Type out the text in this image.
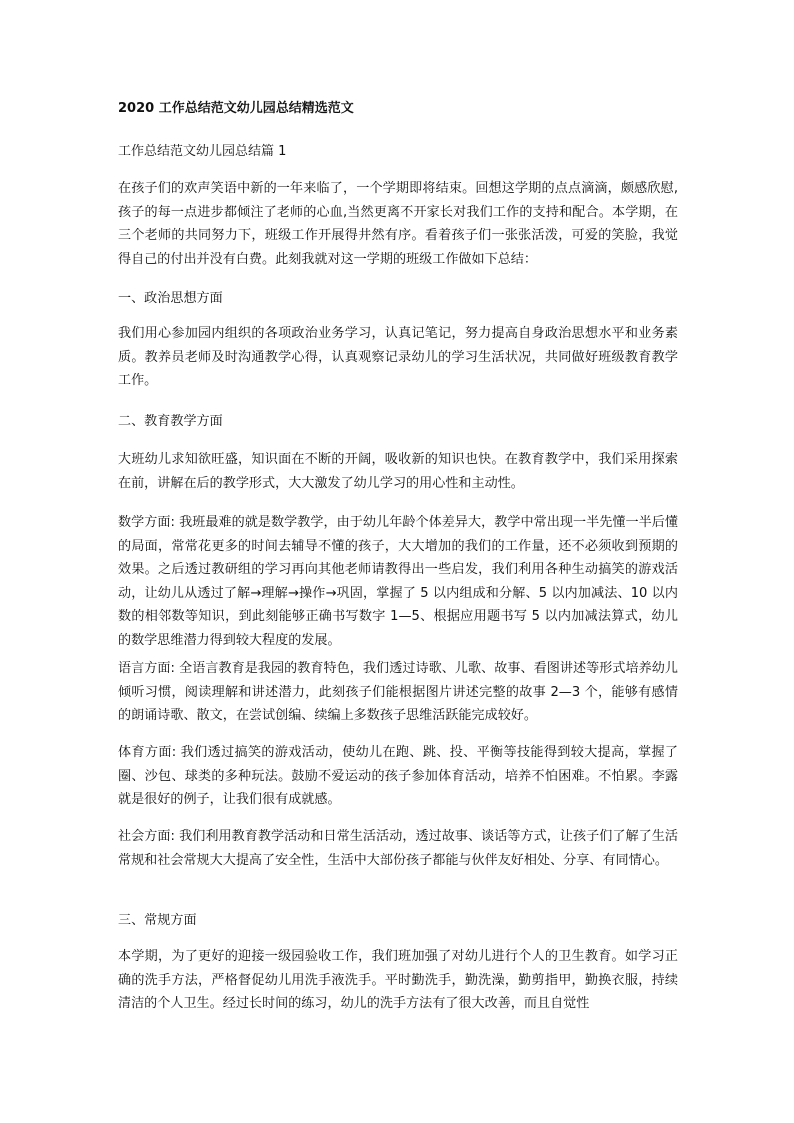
2020 工作总结范文幼儿园总结精选范文
工作总结范文幼儿园总结篇 1

在孩子们的欢声笑语中新的一年来临了，一个学期即将结束。回想这学期的点点滴滴，颇感欣慰,孩子的每一点进步都倾注了老师的心血,当然更离不开家长对我们工作的支持和配合。本学期，在三个老师的共同努力下，班级工作开展得井然有序。看着孩子们一张张活泼，可爱的笑脸，我觉得自己的付出并没有白费。此刻我就对这一学期的班级工作做如下总结：

一、政治思想方面

我们用心参加园内组织的各项政治业务学习，认真记笔记，努力提高自身政治思想水平和业务素质。教养员老师及时沟通教学心得，认真观察记录幼儿的学习生活状况，共同做好班级教育教学工作。

二、教育教学方面

大班幼儿求知欲旺盛，知识面在不断的开阔，吸收新的知识也快。在教育教学中，我们采用探索在前，讲解在后的教学形式，大大激发了幼儿学习的用心性和主动性。

数学方面: 我班最难的就是数学教学，由于幼儿年龄个体差异大，教学中常出现一半先懂一半后懂的局面，常常花更多的时间去辅导不懂的孩子，大大增加的我们的工作量，还不必须收到预期的效果。之后透过教研组的学习再向其他老师请教得出一些启发，我们利用各种生动搞笑的游戏活动，让幼儿从透过了解→理解→操作→巩固，掌握了 5 以内组成和分解、5 以内加减法、10 以内数的相邻数等知识，到此刻能够正确书写数字 1—5、根据应用题书写 5 以内加减法算式，幼儿的数学思维潜力得到较大程度的发展。

语言方面: 全语言教育是我园的教育特色，我们透过诗歌、儿歌、故事、看图讲述等形式培养幼儿倾听习惯，阅读理解和讲述潜力，此刻孩子们能根据图片讲述完整的故事 2—3 个，能够有感情的朗诵诗歌、散文，在尝试创编、续编上多数孩子思维活跃能完成较好。

体育方面: 我们透过搞笑的游戏活动，使幼儿在跑、跳、投、平衡等技能得到较大提高，掌握了圈、沙包、球类的多种玩法。鼓励不爱运动的孩子参加体育活动，培养不怕困难。不怕累。李露就是很好的例子，让我们很有成就感。

社会方面: 我们利用教育教学活动和日常生活活动，透过故事、谈话等方式，让孩子们了解了生活常规和社会常规大大提高了安全性，生活中大部份孩子都能与伙伴友好相处、分享、有同情心。

三、常规方面

本学期，为了更好的迎接一级园验收工作，我们班加强了对幼儿进行个人的卫生教育。如学习正确的洗手方法，严格督促幼儿用洗手液洗手。平时勤洗手，勤洗澡，勤剪指甲，勤换衣服，持续清洁的个人卫生。经过长时间的练习，幼儿的洗手方法有了很大改善，而且自觉性
